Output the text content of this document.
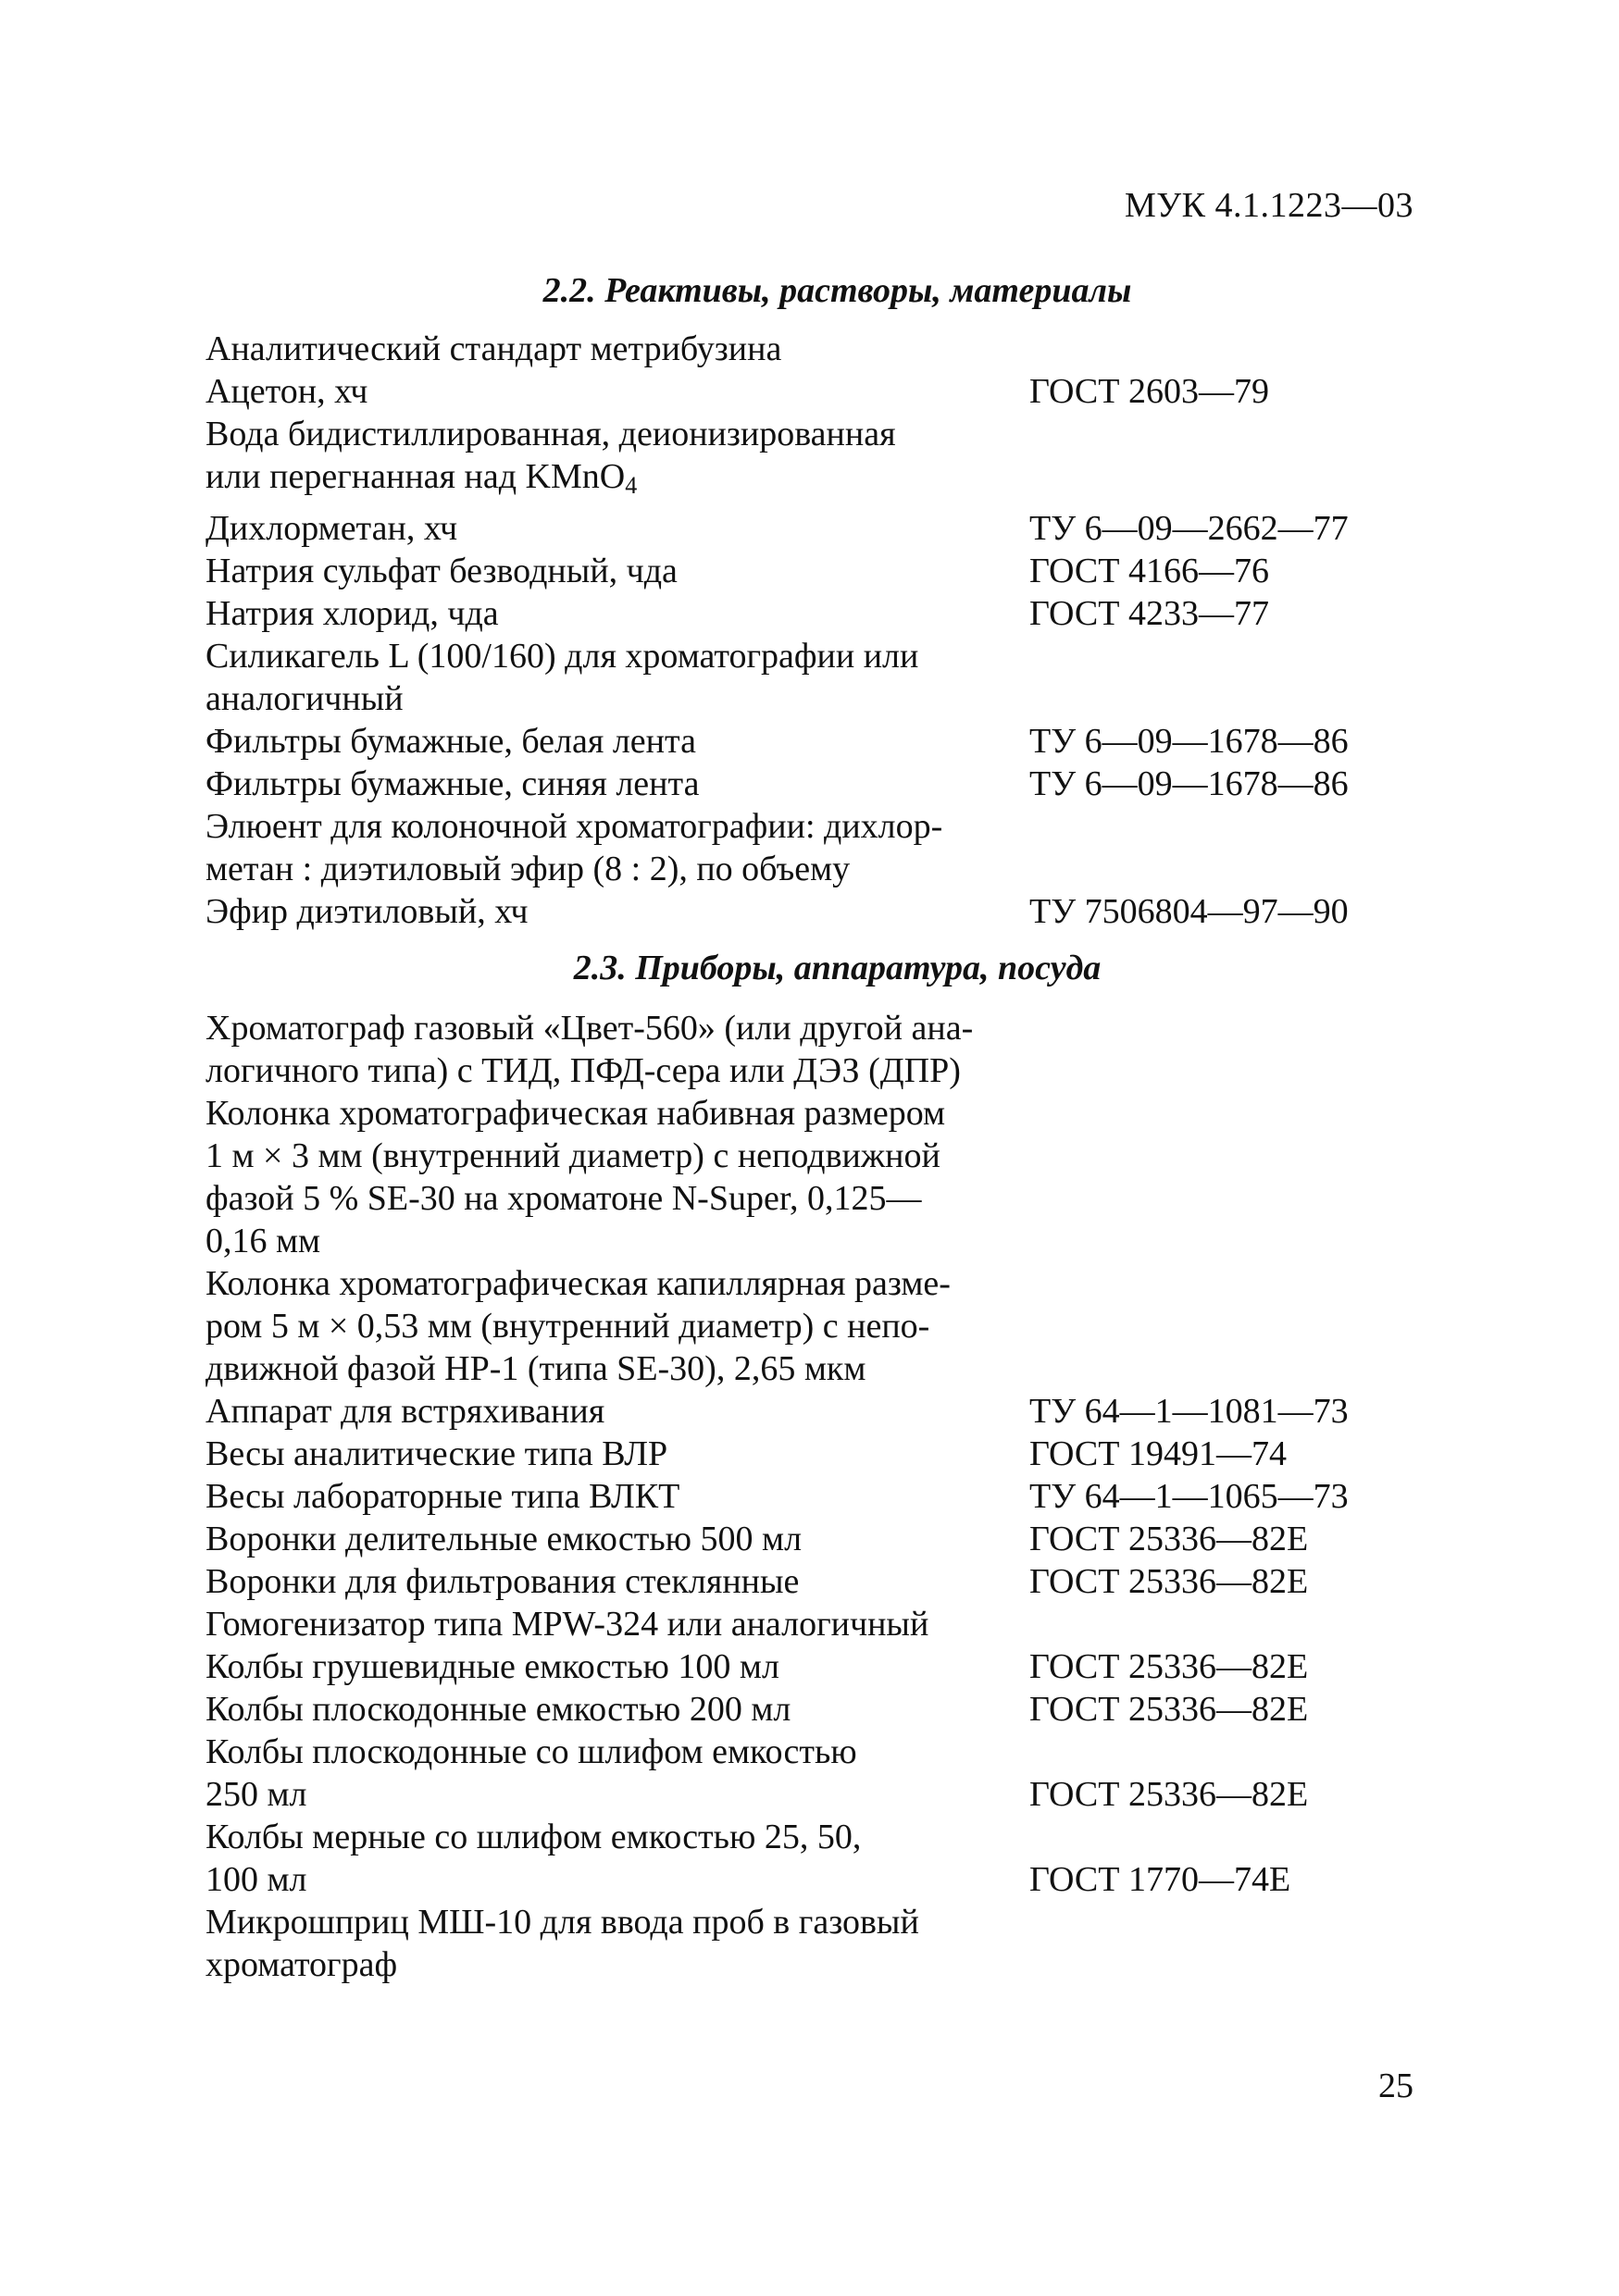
МУК 4.1.1223—03
2.2. Реактивы, растворы, материалы
Аналитический стандарт метрибузина
Ацетон, хч	ГОСТ 2603—79
Вода бидистиллированная, деионизированная
или перегнанная над KMnO$_4$
Дихлорметан, хч	ТУ 6—09—2662—77
Натрия сульфат безводный, чда	ГОСТ 4166—76
Натрия хлорид, чда	ГОСТ 4233—77
Силикагель L (100/160) для хроматографии или
аналогичный
Фильтры бумажные, белая лента	ТУ 6—09—1678—86
Фильтры бумажные, синяя лента	ТУ 6—09—1678—86
Элюент для колоночной хроматографии: дихлор-
метан : диэтиловый эфир (8 : 2), по объему
Эфир диэтиловый, хч	ТУ 7506804—97—90
2.3. Приборы, аппаратура, посуда
Хроматограф газовый «Цвет-560» (или другой ана-
логичного типа) с ТИД, ПФД-сера или ДЭЗ (ДПР)
Колонка хроматографическая набивная размером
1 м × 3 мм (внутренний диаметр) с неподвижной
фазой 5 % SE-30 на хроматоне N-Super, 0,125—
0,16 мм
Колонка хроматографическая капиллярная разме-
ром 5 м × 0,53 мм (внутренний диаметр) с непо-
движной фазой НР-1 (типа SE-30), 2,65 мкм
Аппарат для встряхивания	ТУ 64—1—1081—73
Весы аналитические типа ВЛР	ГОСТ 19491—74
Весы лабораторные типа ВЛКТ	ТУ 64—1—1065—73
Воронки делительные емкостью 500 мл	ГОСТ 25336—82Е
Воронки для фильтрования стеклянные	ГОСТ 25336—82Е
Гомогенизатор типа MPW-324 или аналогичный
Колбы грушевидные емкостью 100 мл	ГОСТ 25336—82Е
Колбы плоскодонные емкостью 200 мл	ГОСТ 25336—82Е
Колбы плоскодонные со шлифом емкостью
250 мл	ГОСТ 25336—82Е
Колбы мерные со шлифом емкостью 25, 50,
100 мл	ГОСТ 1770—74Е
Микрошприц МШ-10 для ввода проб в газовый
хроматограф
25
